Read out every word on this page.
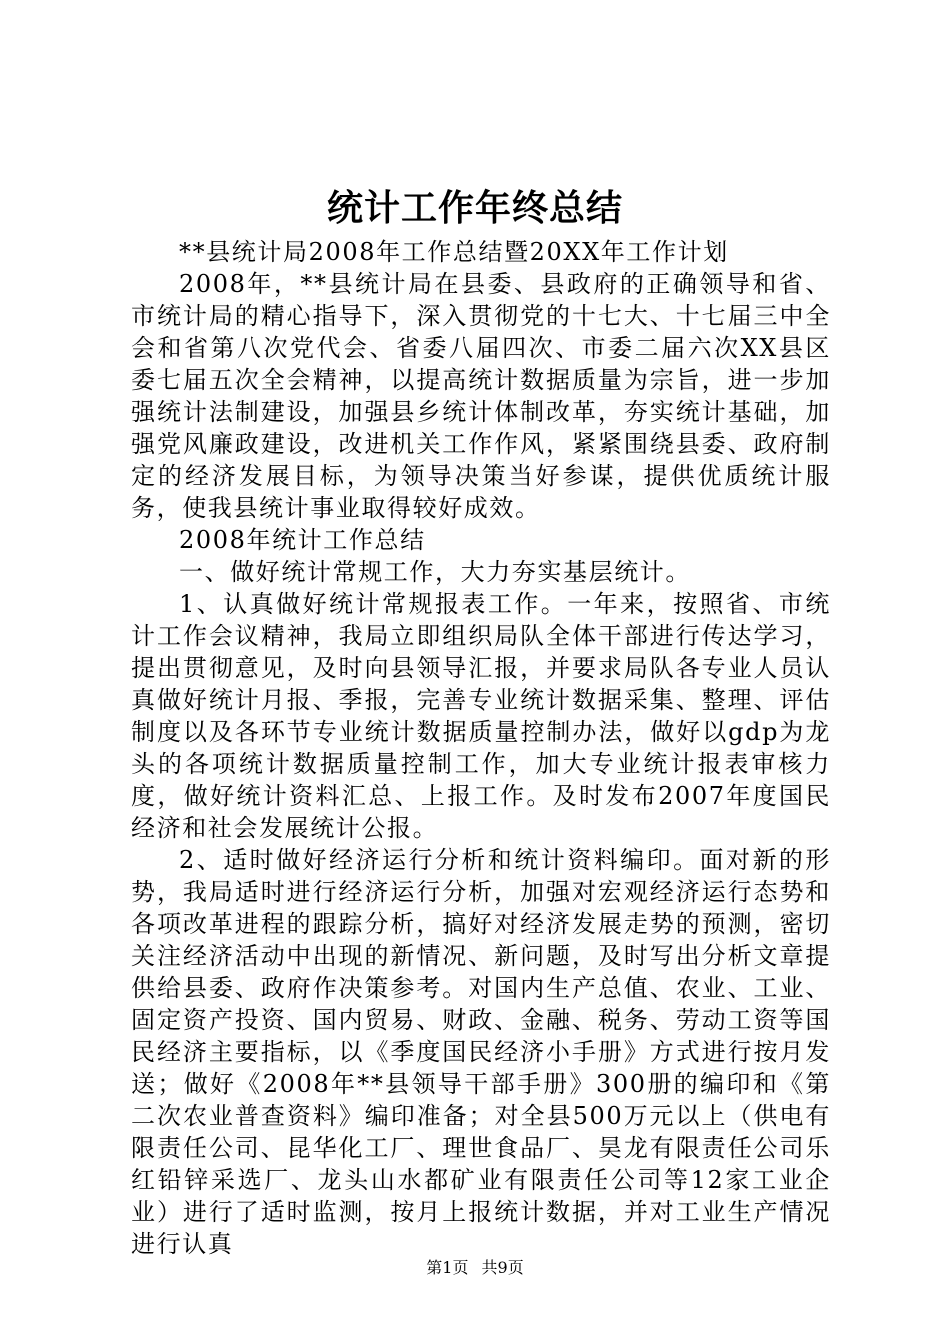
统计工作年终总结

**县统计局2008年工作总结暨20XX年工作计划

2008年，**县统计局在县委、县政府的正确领导和省、市统计局的精心指导下，深入贯彻党的十七大、十七届三中全会和省第八次党代会、省委八届四次、市委二届六次XX县区委七届五次全会精神，以提高统计数据质量为宗旨，进一步加强统计法制建设，加强县乡统计体制改革，夯实统计基础，加强党风廉政建设，改进机关工作作风，紧紧围绕县委、政府制定的经济发展目标，为领导决策当好参谋，提供优质统计服务，使我县统计事业取得较好成效。

2008年统计工作总结

一、做好统计常规工作，大力夯实基层统计。

1、认真做好统计常规报表工作。一年来，按照省、市统计工作会议精神，我局立即组织局队全体干部进行传达学习，提出贯彻意见，及时向县领导汇报，并要求局队各专业人员认真做好统计月报、季报，完善专业统计数据采集、整理、评估制度以及各环节专业统计数据质量控制办法，做好以gdp为龙头的各项统计数据质量控制工作，加大专业统计报表审核力度，做好统计资料汇总、上报工作。及时发布2007年度国民经济和社会发展统计公报。

2、适时做好经济运行分析和统计资料编印。面对新的形势，我局适时进行经济运行分析，加强对宏观经济运行态势和各项改革进程的跟踪分析，搞好对经济发展走势的预测，密切关注经济活动中出现的新情况、新问题，及时写出分析文章提供给县委、政府作决策参考。对国内生产总值、农业、工业、固定资产投资、国内贸易、财政、金融、税务、劳动工资等国民经济主要指标，以《季度国民经济小手册》方式进行按月发送；做好《2008年**县领导干部手册》300册的编印和《第二次农业普查资料》编印准备；对全县500万元以上（供电有限责任公司、昆华化工厂、理世食品厂、昊龙有限责任公司乐红铅锌采选厂、龙头山水都矿业有限责任公司等12家工业企业）进行了适时监测，按月上报统计数据，并对工业生产情况进行认真

第1页 共9页
